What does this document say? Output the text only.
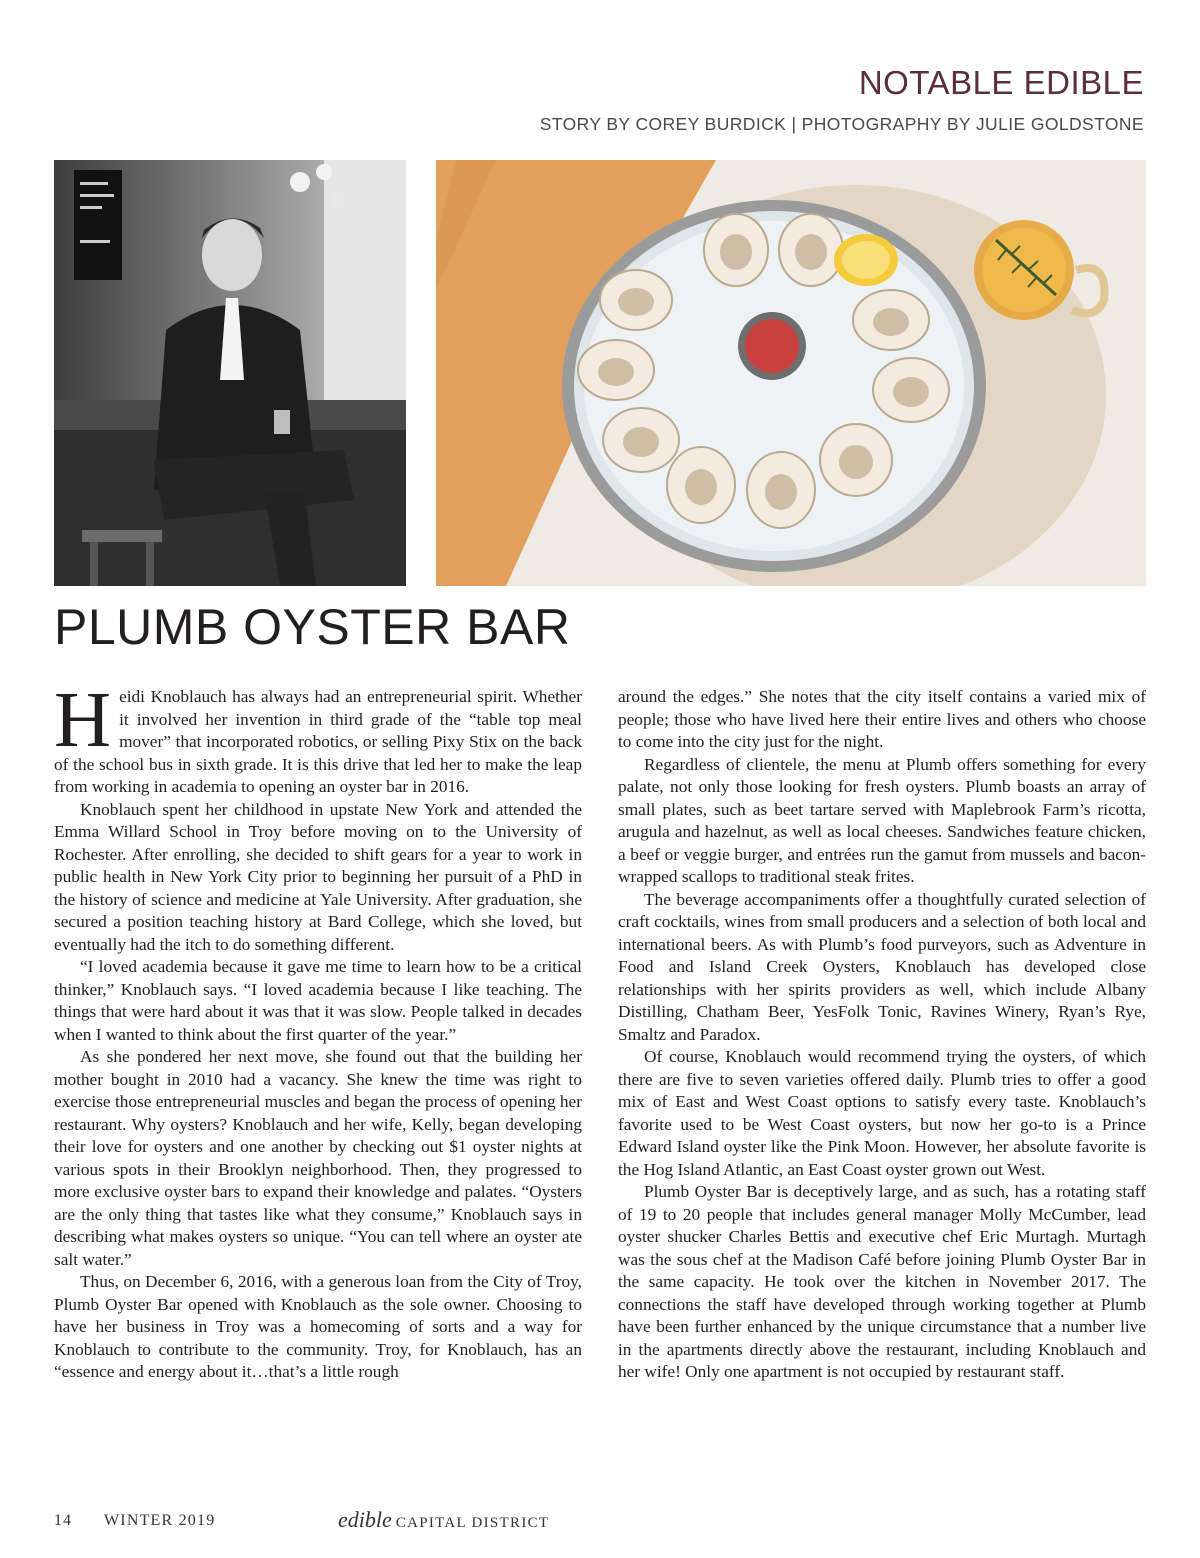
NOTABLE EDIBLE
STORY BY COREY BURDICK | PHOTOGRAPHY BY JULIE GOLDSTONE
PLUMB OYSTER BAR

Heidi Knoblauch has always had an entrepreneurial spirit. Whether it involved her invention in third grade of the “table top meal mover” that incorporated robotics, or selling Pixy Stix on the back of the school bus in sixth grade. It is this drive that led her to make the leap from working in academia to opening an oyster bar in 2016.

Knoblauch spent her childhood in upstate New York and attended the Emma Willard School in Troy before moving on to the University of Rochester. After enrolling, she decided to shift gears for a year to work in public health in New York City prior to beginning her pursuit of a PhD in the history of science and medicine at Yale University. After graduation, she secured a position teaching history at Bard College, which she loved, but eventually had the itch to do something different.

“I loved academia because it gave me time to learn how to be a critical thinker,” Knoblauch says. “I loved academia because I like teaching. The things that were hard about it was that it was slow. People talked in decades when I wanted to think about the first quarter of the year.”

As she pondered her next move, she found out that the building her mother bought in 2010 had a vacancy. She knew the time was right to exercise those entrepreneurial muscles and began the process of opening her restaurant. Why oysters? Knoblauch and her wife, Kelly, began developing their love for oysters and one another by checking out $1 oyster nights at various spots in their Brooklyn neighborhood. Then, they progressed to more exclusive oyster bars to expand their knowledge and palates. “Oysters are the only thing that tastes like what they consume,” Knoblauch says in describing what makes oysters so unique. “You can tell where an oyster ate salt water.”

Thus, on December 6, 2016, with a generous loan from the City of Troy, Plumb Oyster Bar opened with Knoblauch as the sole owner. Choosing to have her business in Troy was a homecoming of sorts and a way for Knoblauch to contribute to the community. Troy, for Knoblauch, has an “essence and energy about it…that’s a little rough

around the edges.” She notes that the city itself contains a varied mix of people; those who have lived here their entire lives and others who choose to come into the city just for the night.

Regardless of clientele, the menu at Plumb offers something for every palate, not only those looking for fresh oysters. Plumb boasts an array of small plates, such as beet tartare served with Maplebrook Farm’s ricotta, arugula and hazelnut, as well as local cheeses. Sandwiches feature chicken, a beef or veggie burger, and entrées run the gamut from mussels and bacon-wrapped scallops to traditional steak frites.

The beverage accompaniments offer a thoughtfully curated selection of craft cocktails, wines from small producers and a selection of both local and international beers. As with Plumb’s food purveyors, such as Adventure in Food and Island Creek Oysters, Knoblauch has developed close relationships with her spirits providers as well, which include Albany Distilling, Chatham Beer, YesFolk Tonic, Ravines Winery, Ryan’s Rye, Smaltz and Paradox.

Of course, Knoblauch would recommend trying the oysters, of which there are five to seven varieties offered daily. Plumb tries to offer a good mix of East and West Coast options to satisfy every taste. Knoblauch’s favorite used to be West Coast oysters, but now her go-to is a Prince Edward Island oyster like the Pink Moon. However, her absolute favorite is the Hog Island Atlantic, an East Coast oyster grown out West.

Plumb Oyster Bar is deceptively large, and as such, has a rotating staff of 19 to 20 people that includes general manager Molly McCumber, lead oyster shucker Charles Bettis and executive chef Eric Murtagh. Murtagh was the sous chef at the Madison Café before joining Plumb Oyster Bar in the same capacity. He took over the kitchen in November 2017. The connections the staff have developed through working together at Plumb have been further enhanced by the unique circumstance that a number live in the apartments directly above the restaurant, including Knoblauch and her wife! Only one apartment is not occupied by restaurant staff.

14 WINTER 2019	edible CAPITAL DISTRICT
